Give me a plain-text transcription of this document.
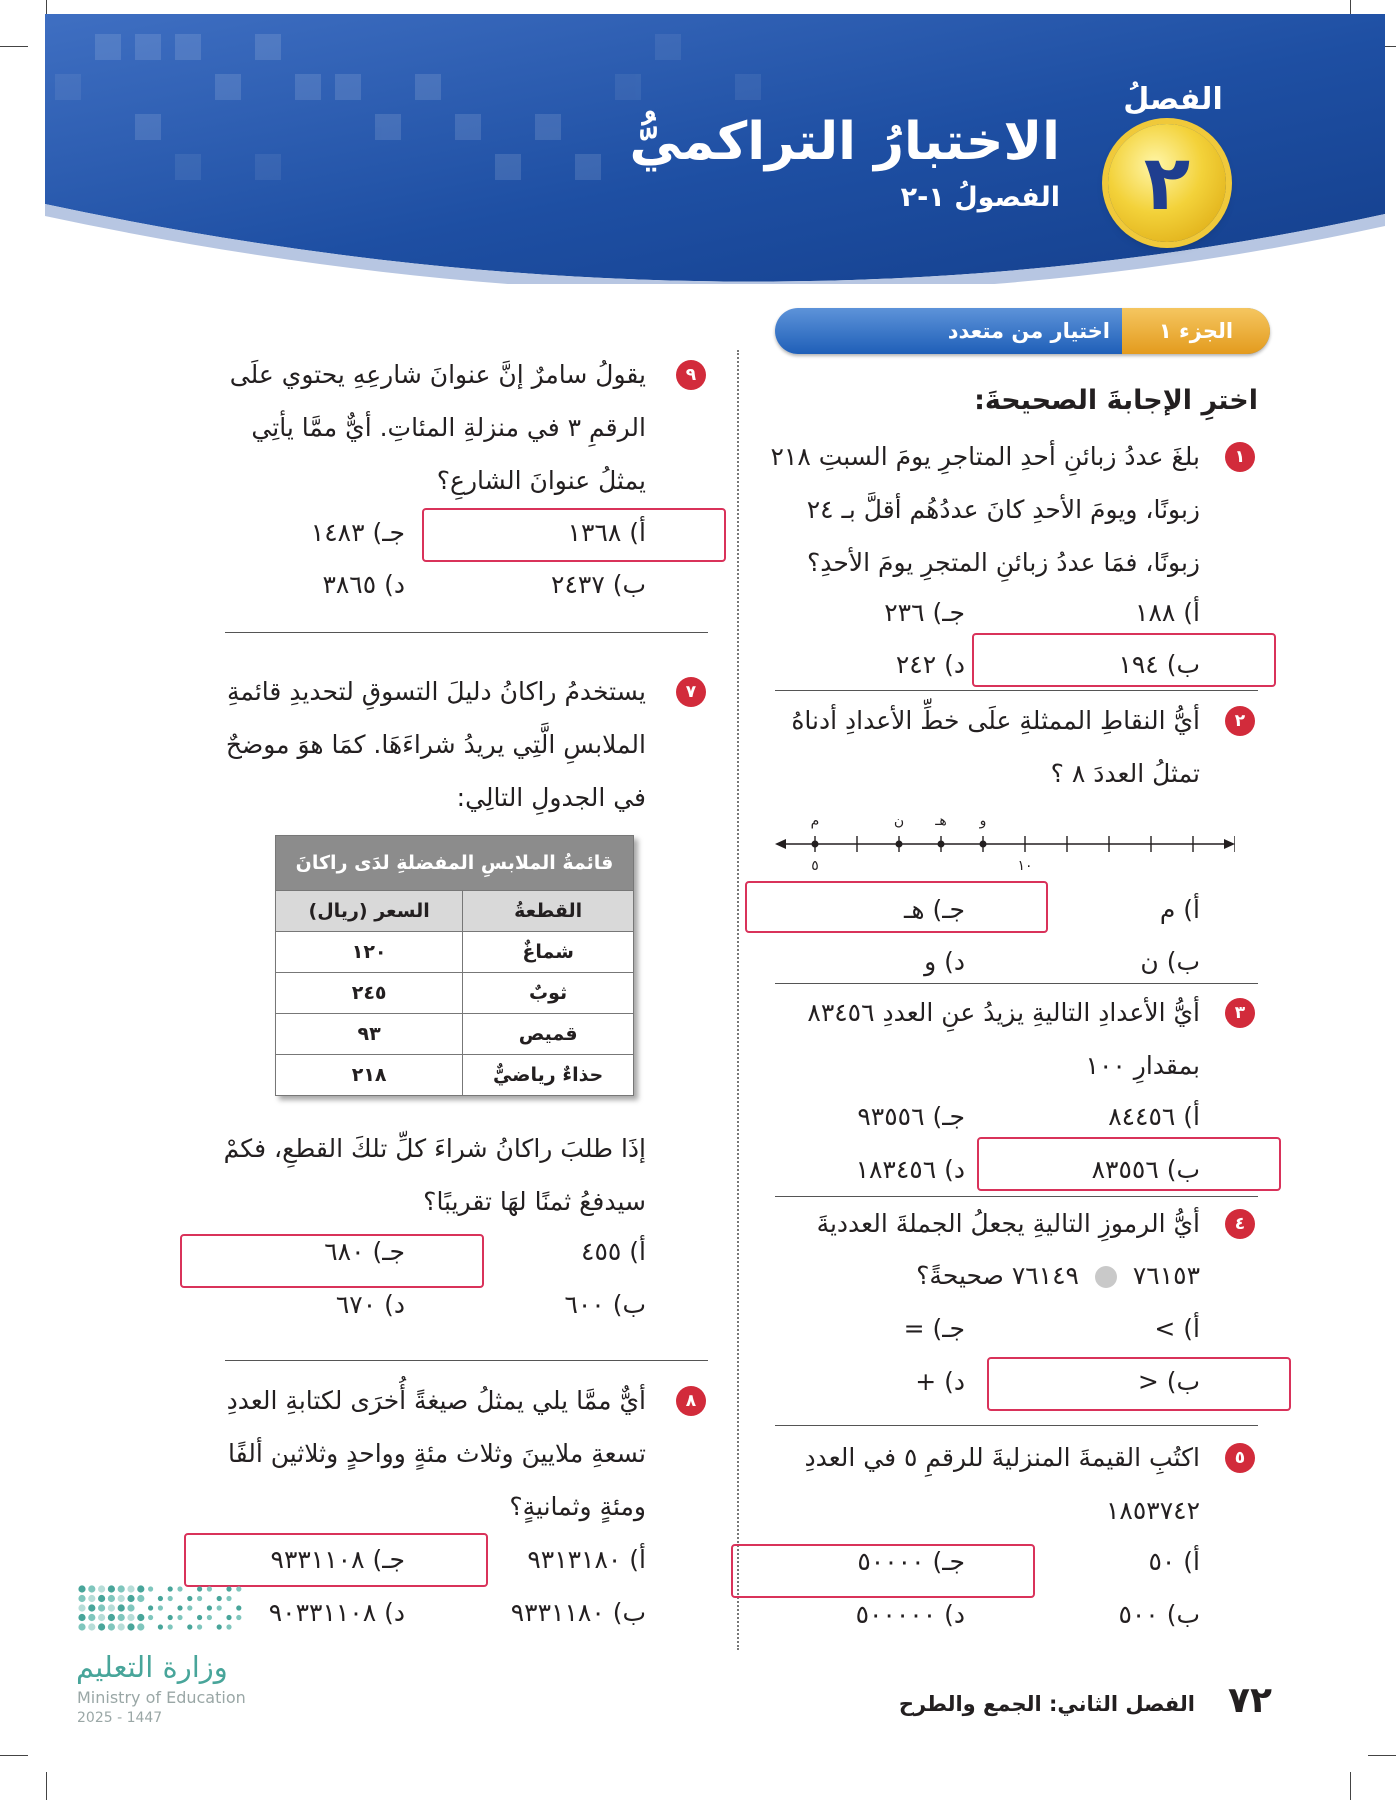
الفصلُ
٢
الاختبارُ التراكميُّ
الفصولُ ١-٢
الجزء ١
اختيار من متعدد
اخترِ الإجابةَ الصحيحةَ:
١
بلغَ عددُ زبائنِ أحدِ المتاجرِ يومَ السبتِ ٢١٨ زبونًا، ويومَ الأحدِ كانَ عددُهُم أقلَّ بـ ٢٤ زبونًا، فمَا عددُ زبائنِ المتجرِ يومَ الأحدِ؟
أ) ١٨٨
جـ) ٢٣٦
ب) ١٩٤
د) ٢٤٢
٢
أيُّ النقاطِ الممثلةِ علَى خطِّ الأعدادِ أدناهُ تمثلُ العددَ ٨ ؟
م	ن هـ و
٥	١٠
أ) م
جـ) هـ
ب) ن
د) و
٣
أيُّ الأعدادِ التاليةِ يزيدُ عنِ العددِ ٨٣٤٥٦ بمقدارِ ١٠٠
أ) ٨٤٤٥٦
جـ) ٩٣٥٥٦
ب) ٨٣٥٥٦
د) ١٨٣٤٥٦
٤
أيُّ الرموزِ التاليةِ يجعلُ الجملةَ العدديةَ
٧٦١٥٣  ٧٦١٤٩ صحيحةً؟
أ) >
جـ) =
ب) <
د) +
٥
اكتُبِ القيمةَ المنزليةَ للرقمِ ٥ في العددِ ١٨٥٣٧٤٢
أ) ٥٠
جـ) ٥٠٠٠٠
ب) ٥٠٠
د) ٥٠٠٠٠٠
٩
يقولُ سامرٌ إنَّ عنوانَ شارعِهِ يحتوي علَى الرقمِ ٣ في منزلةِ المئاتِ. أيٌّ ممَّا يأتِي يمثلُ عنوانَ الشارعِ؟
أ) ١٣٦٨
جـ) ١٤٨٣
ب) ٢٤٣٧
د) ٣٨٦٥
٧
يستخدمُ راكانُ دليلَ التسوقِ لتحديدِ قائمةِ الملابسِ الَّتِي يريدُ شراءَهَا. كمَا هوَ موضحٌ في الجدولِ التالِي:
قائمةُ الملابسِ المفضلةِ لدَى راكانَ	
القطعةُ	السعر (ريال)
شماغٌ	١٢٠
ثوبٌ	٢٤٥
قميص	٩٣
حذاءٌ رياضيٌّ	٢١٨
إذَا طلبَ راكانُ شراءَ كلِّ تلكَ القطعِ، فكمْ سيدفعُ ثمنًا لهَا تقريبًا؟
أ) ٤٥٥
جـ) ٦٨٠
ب) ٦٠٠
د) ٦٧٠
٨
أيٌّ ممَّا يلي يمثلُ صيغةً أُخرَى لكتابةِ العددِ تسعةِ ملايينَ وثلاث مئةٍ وواحدٍ وثلاثين ألفًا ومئةٍ وثمانيةٍ؟
أ) ٩٣١٣١٨٠
جـ) ٩٣٣١١٠٨
ب) ٩٣٣١١٨٠
د) ٩٠٣٣١١٠٨
وزارة التعليم
Ministry of Education
2025 - 1447
الفصل الثاني: الجمع والطرح ٧٢
